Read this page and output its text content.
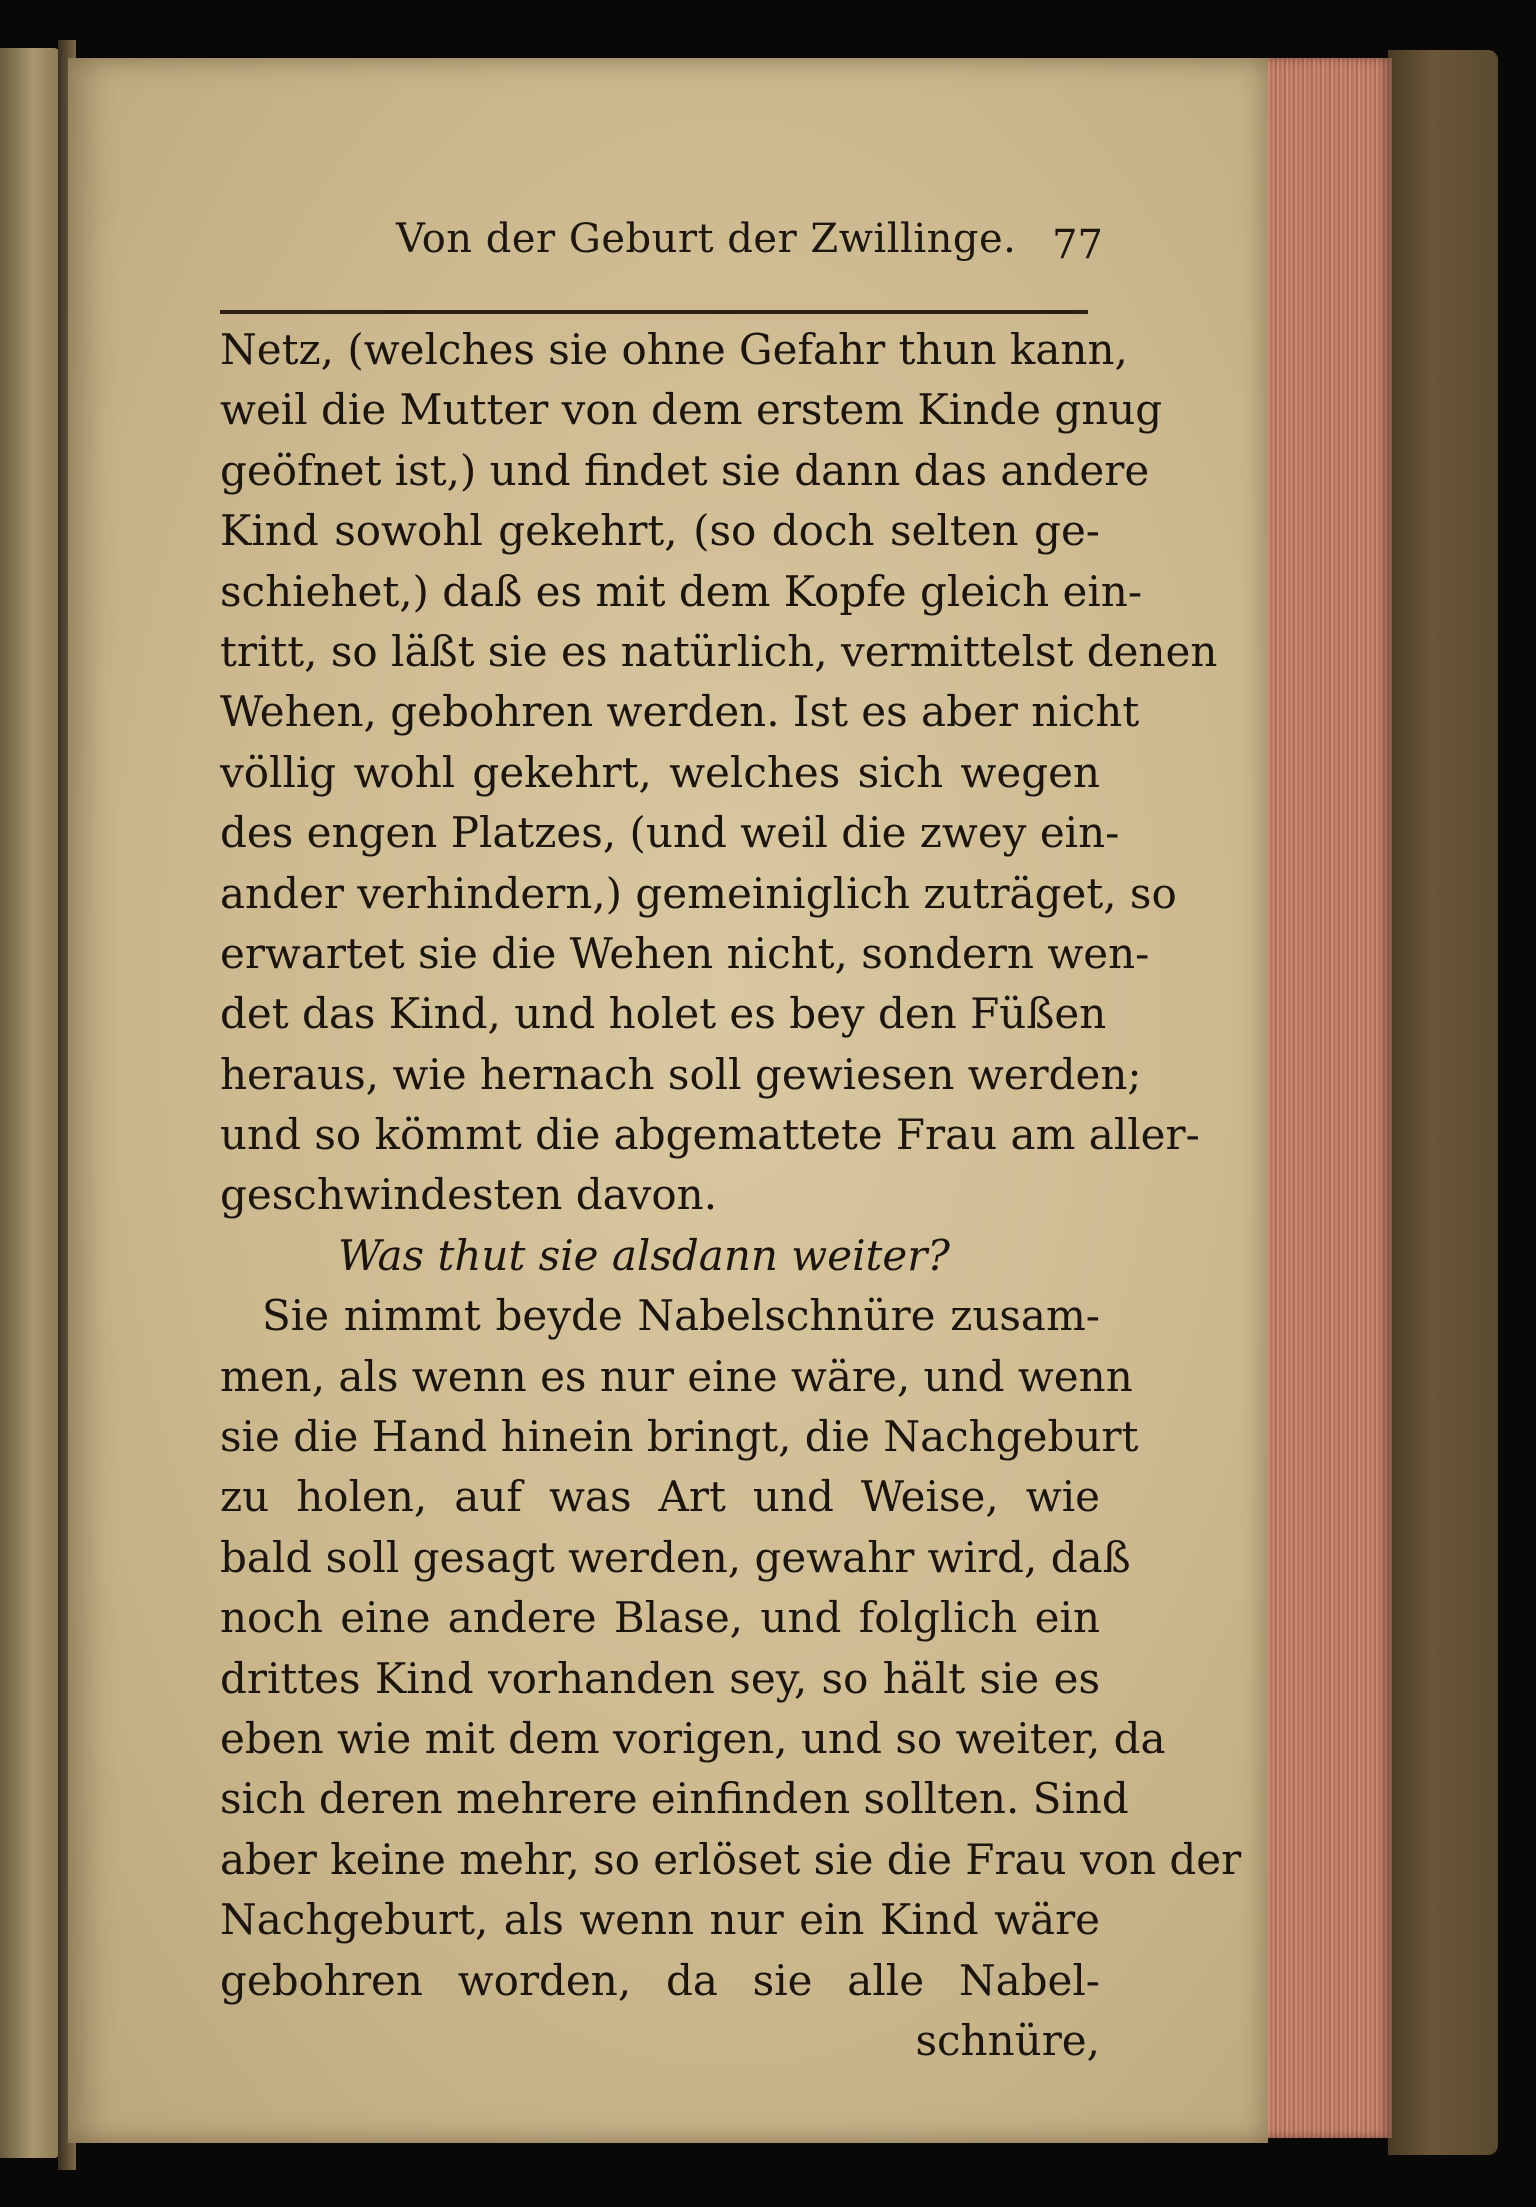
Von der Geburt der Zwillinge. 77
Netz, (welches sie ohne Gefahr thun kann,
weil die Mutter von dem erstem Kinde gnug
geöfnet ist,) und findet sie dann das andere
Kind sowohl gekehrt, (so doch selten ge-
schiehet,) daß es mit dem Kopfe gleich ein-
tritt, so läßt sie es natürlich, vermittelst denen
Wehen, gebohren werden. Ist es aber nicht
völlig wohl gekehrt, welches sich wegen
des engen Platzes, (und weil die zwey ein-
ander verhindern,) gemeiniglich zuträget, so
erwartet sie die Wehen nicht, sondern wen-
det das Kind, und holet es bey den Füßen
heraus, wie hernach soll gewiesen werden;
und so kömmt die abgemattete Frau am aller-
geschwindesten davon.
Was thut sie alsdann weiter?
Sie nimmt beyde Nabelschnüre zusam-
men, als wenn es nur eine wäre, und wenn
sie die Hand hinein bringt, die Nachgeburt
zu holen, auf was Art und Weise, wie
bald soll gesagt werden, gewahr wird, daß
noch eine andere Blase, und folglich ein
drittes Kind vorhanden sey, so hält sie es
eben wie mit dem vorigen, und so weiter, da
sich deren mehrere einfinden sollten. Sind
aber keine mehr, so erlöset sie die Frau von der
Nachgeburt, als wenn nur ein Kind wäre
gebohren worden, da sie alle Nabel-
schnüre,
